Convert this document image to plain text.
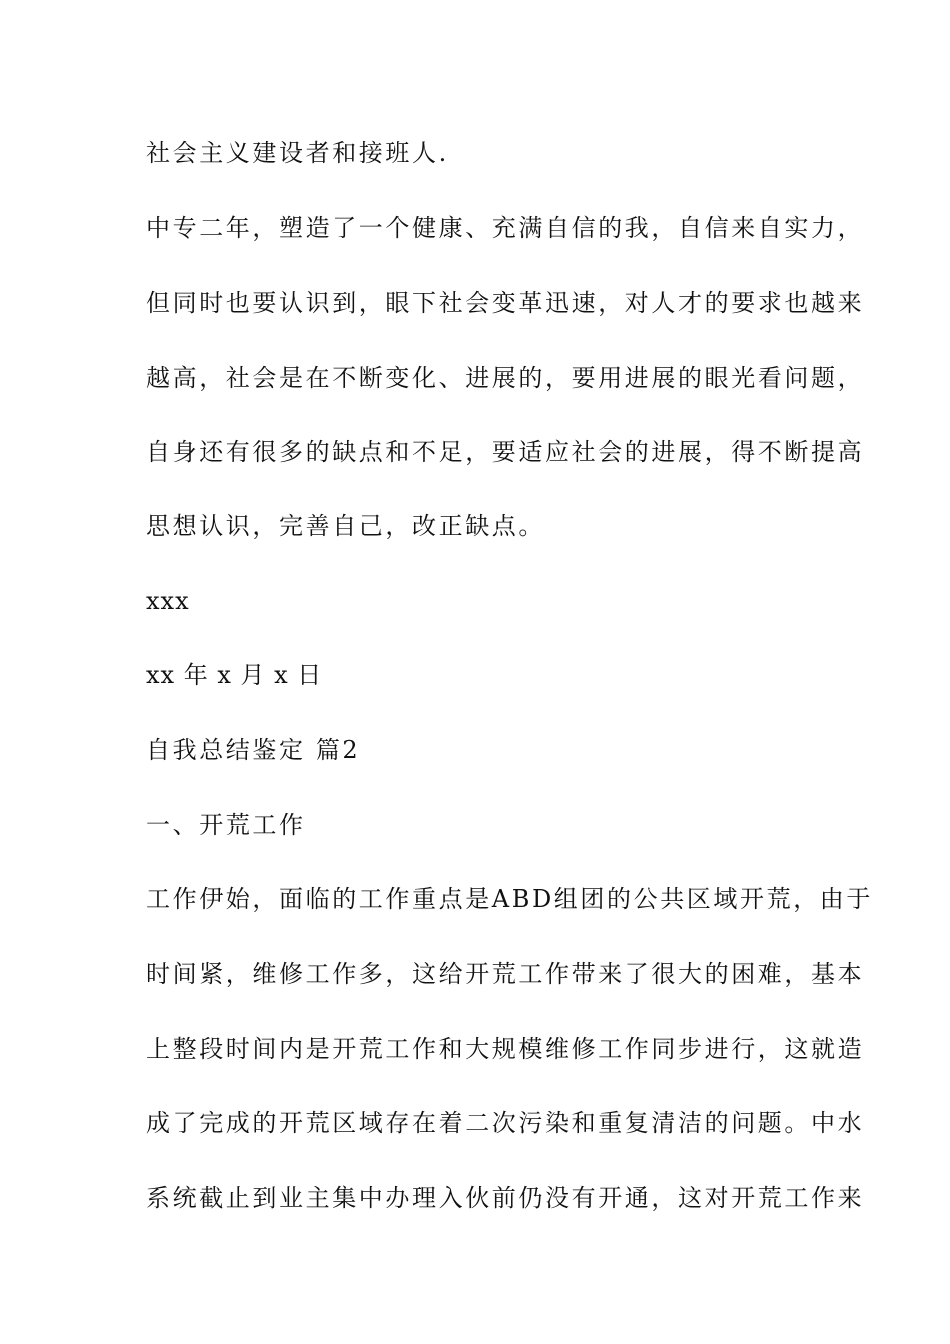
社会主义建设者和接班人.
中专二年，塑造了一个健康、充满自信的我，自信来自实力，
但同时也要认识到，眼下社会变革迅速，对人才的要求也越来
越高，社会是在不断变化、进展的，要用进展的眼光看问题，
自身还有很多的缺点和不足，要适应社会的进展，得不断提高
思想认识，完善自己，改正缺点。
xxx
xx 年 x 月 x 日
自我总结鉴定 篇2
一、开荒工作
工作伊始，面临的工作重点是ABD组团的公共区域开荒，由于
时间紧，维修工作多，这给开荒工作带来了很大的困难，基本
上整段时间内是开荒工作和大规模维修工作同步进行，这就造
成了完成的开荒区域存在着二次污染和重复清洁的问题。中水
系统截止到业主集中办理入伙前仍没有开通，这对开荒工作来
